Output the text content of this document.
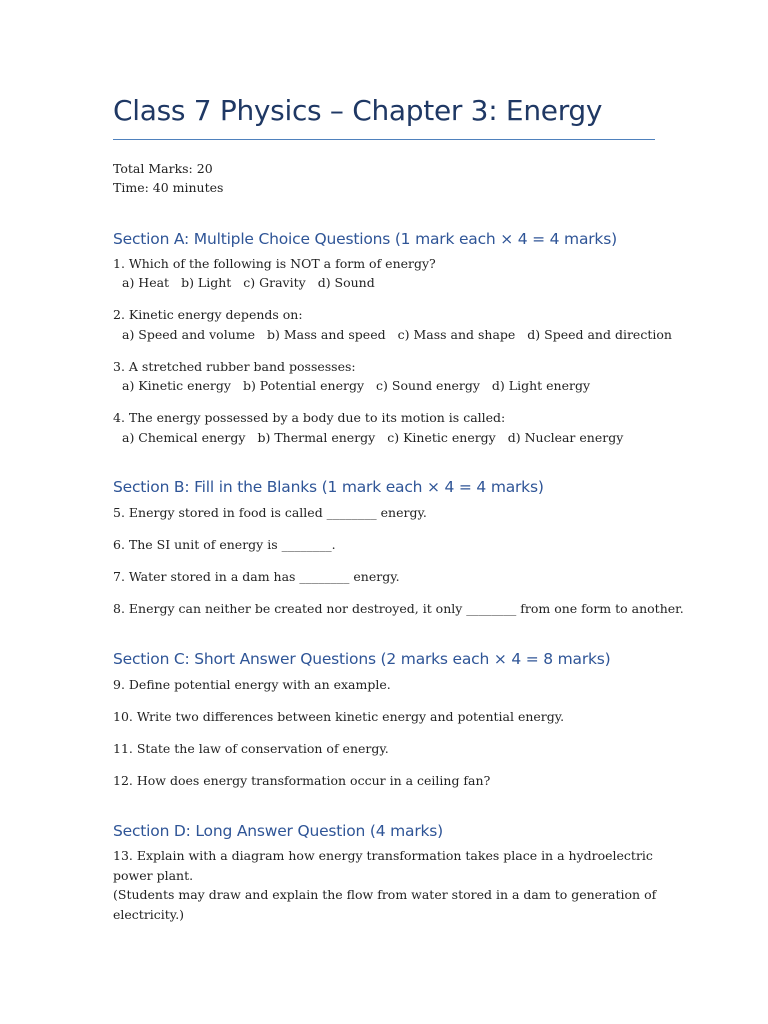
Class 7 Physics – Chapter 3: Energy
Total Marks: 20
Time: 40 minutes
Section A: Multiple Choice Questions (1 mark each × 4 = 4 marks)
1. Which of the following is NOT a form of energy?
a) Heat b) Light c) Gravity d) Sound
2. Kinetic energy depends on:
a) Speed and volume b) Mass and speed c) Mass and shape d) Speed and direction
3. A stretched rubber band possesses:
a) Kinetic energy b) Potential energy c) Sound energy d) Light energy
4. The energy possessed by a body due to its motion is called:
a) Chemical energy b) Thermal energy c) Kinetic energy d) Nuclear energy
Section B: Fill in the Blanks (1 mark each × 4 = 4 marks)
5. Energy stored in food is called ________ energy.
6. The SI unit of energy is ________.
7. Water stored in a dam has ________ energy.
8. Energy can neither be created nor destroyed, it only ________ from one form to another.
Section C: Short Answer Questions (2 marks each × 4 = 8 marks)
9. Define potential energy with an example.
10. Write two differences between kinetic energy and potential energy.
11. State the law of conservation of energy.
12. How does energy transformation occur in a ceiling fan?
Section D: Long Answer Question (4 marks)
13. Explain with a diagram how energy transformation takes place in a hydroelectric power plant.
(Students may draw and explain the flow from water stored in a dam to generation of electricity.)
